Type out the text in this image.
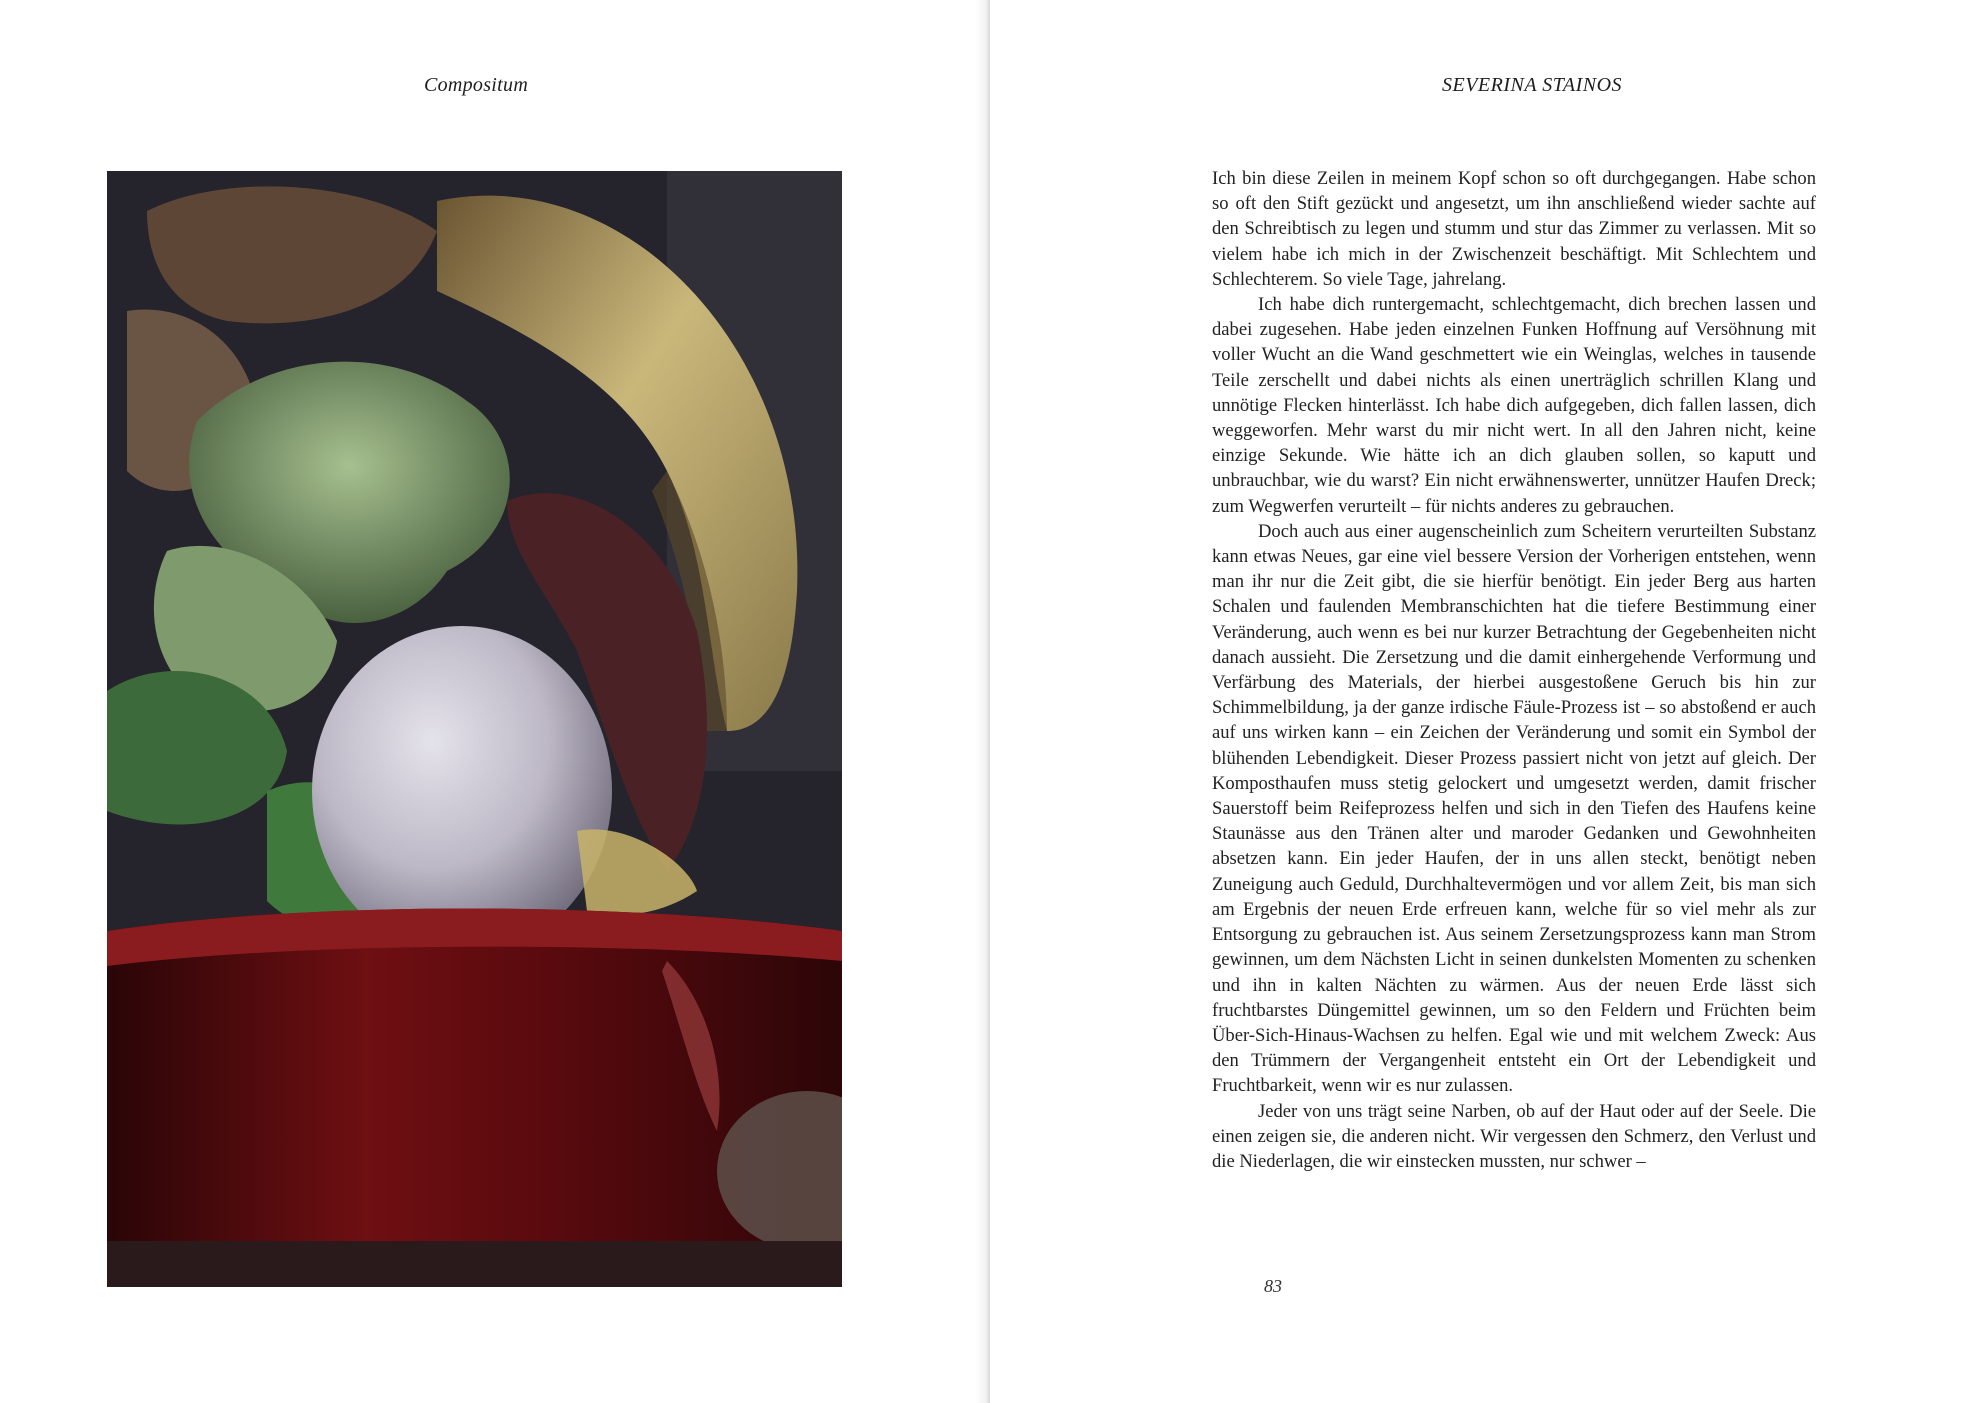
Compositum	SEVERINA STAINOS

Ich bin diese Zeilen in meinem Kopf schon so oft durchgegangen. Habe schon so oft den Stift gezückt und angesetzt, um ihn anschließend wieder sachte auf den Schreibtisch zu legen und stumm und stur das Zimmer zu verlassen. Mit so vielem habe ich mich in der Zwischenzeit beschäftigt. Mit Schlechtem und Schlechterem. So viele Tage, jahrelang.

Ich habe dich runtergemacht, schlechtgemacht, dich brechen lassen und dabei zugesehen. Habe jeden einzelnen Funken Hoffnung auf Versöhnung mit voller Wucht an die Wand geschmettert wie ein Weinglas, welches in tausende Teile zerschellt und dabei nichts als einen unerträglich schrillen Klang und unnötige Flecken hinterlässt. Ich habe dich aufgegeben, dich fallen lassen, dich weggeworfen. Mehr warst du mir nicht wert. In all den Jahren nicht, keine einzige Sekunde. Wie hätte ich an dich glauben sollen, so kaputt und unbrauchbar, wie du warst? Ein nicht erwähnenswerter, unnützer Haufen Dreck; zum Wegwerfen verurteilt – für nichts anderes zu gebrauchen.

Doch auch aus einer augenscheinlich zum Scheitern verurteilten Substanz kann etwas Neues, gar eine viel bessere Version der Vorherigen entstehen, wenn man ihr nur die Zeit gibt, die sie hierfür benötigt. Ein jeder Berg aus harten Schalen und faulenden Membranschichten hat die tiefere Bestimmung einer Veränderung, auch wenn es bei nur kurzer Betrachtung der Gegebenheiten nicht danach aussieht. Die Zersetzung und die damit einhergehende Verformung und Verfärbung des Materials, der hierbei ausgestoßene Geruch bis hin zur Schimmelbildung, ja der ganze irdische Fäule-Prozess ist – so abstoßend er auch auf uns wirken kann – ein Zeichen der Veränderung und somit ein Symbol der blühenden Lebendigkeit. Dieser Prozess passiert nicht von jetzt auf gleich. Der Komposthaufen muss stetig gelockert und umgesetzt werden, damit frischer Sauerstoff beim Reifeprozess helfen und sich in den Tiefen des Haufens keine Staunässe aus den Tränen alter und maroder Gedanken und Gewohnheiten absetzen kann. Ein jeder Haufen, der in uns allen steckt, benötigt neben Zuneigung auch Geduld, Durchhaltevermögen und vor allem Zeit, bis man sich am Ergebnis der neuen Erde erfreuen kann, welche für so viel mehr als zur Entsorgung zu gebrauchen ist. Aus seinem Zersetzungsprozess kann man Strom gewinnen, um dem Nächsten Licht in seinen dunkelsten Momenten zu schenken und ihn in kalten Nächten zu wärmen. Aus der neuen Erde lässt sich fruchtbarstes Düngemittel gewinnen, um so den Feldern und Früchten beim Über-Sich-Hinaus-Wachsen zu helfen. Egal wie und mit welchem Zweck: Aus den Trümmern der Vergangenheit entsteht ein Ort der Lebendigkeit und Fruchtbarkeit, wenn wir es nur zulassen.

Jeder von uns trägt seine Narben, ob auf der Haut oder auf der Seele. Die einen zeigen sie, die anderen nicht. Wir vergessen den Schmerz, den Verlust und die Niederlagen, die wir einstecken mussten, nur schwer –

83
